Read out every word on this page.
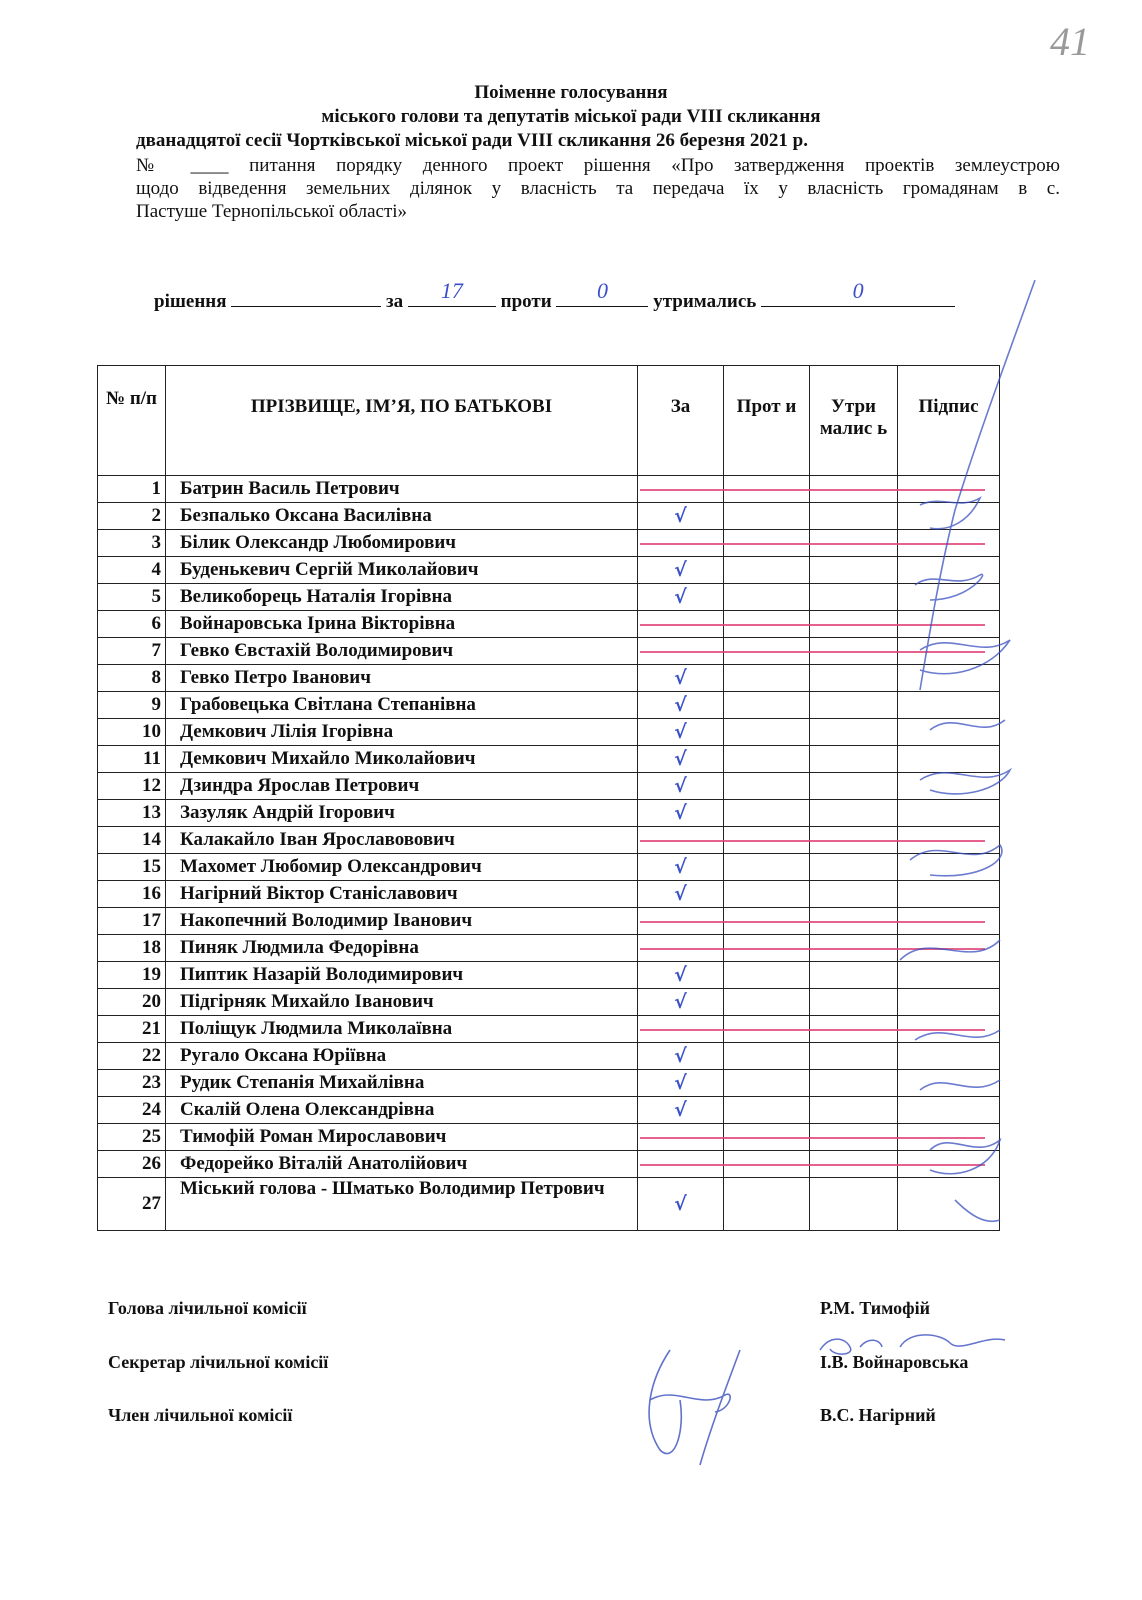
41
Поіменне голосування
міського голови та депутатів міської ради VIII скликання
дванадцятої сесії Чортківської міської ради VIII скликання 26 березня 2021 р.
№ ____ питання порядку денного проект рішення «Про затвердження проектів землеустрою
щодо відведення земельних ділянок у власність та передача їх у власність громадянам в с.
Пастуше Тернопільської області»
рішення	за	17	проти	0	утримались	0
№ п/п	ПРІЗВИЩЕ, ІМ’Я, ПО БАТЬКОВІ	За	Прот и	Утри малис ь	Підпис
1	Батрин Василь Петрович				
2	Безпалько Оксана Василівна	√			
3	Білик Олександр Любомирович				
4	Буденькевич Сергій Миколайович	√			
5	Великоборець Наталія Ігорівна	√			
6	Войнаровська Ірина Вікторівна				
7	Гевко Євстахій Володимирович				
8	Гевко Петро Іванович	√			
9	Грабовецька Світлана Степанівна	√			
10	Демкович Лілія Ігорівна	√			
11	Демкович Михайло Миколайович	√			
12	Дзиндра Ярослав Петрович	√			
13	Зазуляк Андрій Ігорович	√			
14	Калакайло Іван Ярославовович				
15	Махомет Любомир Олександрович	√			
16	Нагірний Віктор Станіславович	√			
17	Накопечний Володимир Іванович				
18	Пиняк Людмила Федорівна				
19	Пиптик Назарій Володимирович	√			
20	Підгірняк Михайло Іванович	√			
21	Поліщук Людмила Миколаївна				
22	Ругало Оксана Юріївна	√			
23	Рудик Степанія Михайлівна	√			
24	Скалій Олена Олександрівна	√			
25	Тимофій Роман Мирославович				
26	Федорейко Віталій Анатолійович				
27	Міський голова - Шматько Володимир Петрович	√			
Голова лічильної комісії	Р.М. Тимофій
Секретар лічильної комісії	І.В. Войнаровська
Член лічильної комісії	В.С. Нагірний
